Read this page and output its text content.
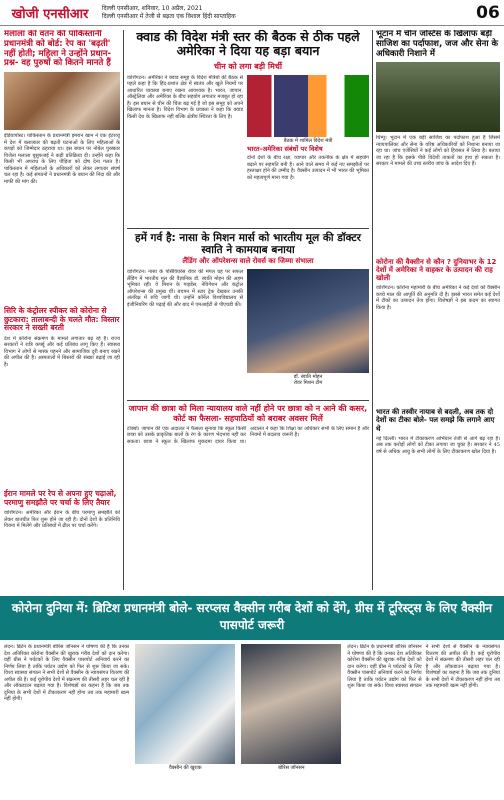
खोजी एनसीआर	दिल्ली एनसीआर, शनिवार, 10 अप्रैल, 2021
दिल्ली एनसीआर में तेजी से बढ़ता एक विशाल हिंदी साप्ताहिक	06
मलाला की वतन की पाकिस्तानी प्रधानमंत्री को बोर्ड: रेप का 'बढ़ती' नहीं होती; महिला ने उन्होंने प्रधान-प्रश्न- वह पुरुषों को कितने मानते हैं
इंडियापोस्ट। पाकिस्तान के प्रधानमंत्री इमरान खान ने एक इंटरव्यू में देश में बलात्कार की बढ़ती घटनाओं के लिए महिलाओं के कपड़ों को जिम्मेदार ठहराया था। इस बयान पर नोबेल पुरस्कार विजेता मलाला यूसुफजई ने कड़ी प्रतिक्रिया दी। उन्होंने कहा कि किसी भी अपराध के लिए पीड़िता को दोष देना गलत है। पाकिस्तान में महिलाओं के अधिकारों को लेकर लगातार संघर्ष चल रहा है। कई संगठनों ने प्रधानमंत्री के बयान की निंदा की और माफी की मांग की।
सिरि के कंट्रोलर स्पीकर को कोरोना से छुटकारा: तालाबन्दी के चलते मौत: विस्तार सरकार ने सख्ती बरती
देश में कोरोना संक्रमण के मामले लगातार बढ़ रहे हैं। राज्य सरकारों ने रात्रि कर्फ्यू और कई प्रतिबंध लागू किए हैं। स्वास्थ्य विभाग ने लोगों से मास्क पहनने और सामाजिक दूरी बनाए रखने की अपील की है। अस्पतालों में बिस्तरों की संख्या बढ़ाई जा रही है।
ईरान मामले पर रेप से अपना हुए चढ़ाओ, परमाणु समझौते पर चर्चा के लिए तैयार
वाशिंगटन। अमेरिका और ईरान के बीच परमाणु समझौते को लेकर बातचीत फिर शुरू होने जा रही है। दोनों देशों के प्रतिनिधि वियना में मिलेंगे और प्रतिबंधों में ढील पर चर्चा करेंगे।
क्वाड की विदेश मंत्री स्तर की बैठक से ठीक पहले अमेरिका ने दिया यह बड़ा बयान
चीन को लगा बड़ी मिर्ची
वाशिंगटन। अमेरिका ने क्वाड समूह के विदेश मंत्रियों की बैठक से पहले कहा है कि हिंद-प्रशांत क्षेत्र में स्वतंत्र और खुले नियमों पर आधारित व्यवस्था बनाए रखना आवश्यक है। भारत, जापान, ऑस्ट्रेलिया और अमेरिका के बीच सहयोग लगातार मजबूत हो रहा है। इस बयान से चीन की चिंता बढ़ गई है जो इस समूह को अपने खिलाफ मानता है। विदेश विभाग के प्रवक्ता ने कहा कि क्वाड किसी देश के खिलाफ नहीं बल्कि क्षेत्रीय स्थिरता के लिए है।
बैठक में शामिल विदेश मंत्री
भारत-अमेरिका संबंधों पर विशेष
दोनों देशों के बीच रक्षा, व्यापार और तकनीक के क्षेत्र में सहयोग बढ़ाने पर सहमति बनी है। आने वाले समय में कई नए समझौतों पर हस्ताक्षर होने की उम्मीद है। वैक्सीन उत्पादन में भी भारत की भूमिका को महत्वपूर्ण माना गया है।
हमें गर्व है: नासा के मिशन मार्स को भारतीय मूल की डॉक्टर स्वाति ने कामयाब बनाया
लैंडिंग और ऑपरेशन्स वाले रोवर्स का जिम्मा संभाला
वाशिंगटन। नासा के पर्सिवियरेंस रोवर की मंगल ग्रह पर सफल लैंडिंग में भारतीय मूल की वैज्ञानिक डॉ. स्वाति मोहन की अहम भूमिका रही। वे मिशन के गाइडेंस, नेविगेशन और कंट्रोल ऑपरेशन्स की प्रमुख थीं। बचपन में स्टार ट्रेक देखकर उनकी अंतरिक्ष में रुचि जागी थी। उन्होंने कॉर्नेल विश्वविद्यालय से इंजीनियरिंग की पढ़ाई की और बाद में एमआईटी से पीएचडी की।
डॉ. स्वाति मोहन
रोवर मिशन टीम
जापान की छात्रा को मिला न्यायालय वाले नहीं होने पर छात्रा को न आने की कसर, कोर्ट का फैसला- सहपाठियों को बराबर अवसर मिलें
टोक्यो। जापान की एक अदालत ने फैसला सुनाया कि स्कूल किसी छात्रा को उसके प्राकृतिक बालों के रंग के कारण भेदभाव नहीं कर सकता। छात्रा ने स्कूल के खिलाफ मुकदमा दायर किया था। अदालत ने कहा कि शिक्षा का अधिकार सभी के लिए समान है और नियमों में बदलाव जरूरी है।
भूटान में चीन जस्टिस के खिलाफ बड़ी साजिश का पर्दाफाश, जज और सेना के अधिकारी निशाने में
थिम्पू। भूटान में एक बड़ी साजिश का पर्दाफाश हुआ है जिसमें न्यायपालिका और सेना के वरिष्ठ अधिकारियों को निशाना बनाया जा रहा था। जांच एजेंसियों ने कई लोगों को हिरासत में लिया है। बताया जा रहा है कि इसके पीछे विदेशी ताकतों का हाथ हो सकता है। सरकार ने मामले की उच्च स्तरीय जांच के आदेश दिए हैं।
कोरोना की वैक्सीन से कौन ? दुनियाभर के 12 देशों में अमेरिका ने वाहकर के उत्पादन की राह खोली
वाशिंगटन। कोरोना महामारी के बीच अमेरिका ने कई देशों को वैक्सीन कच्चे माल की आपूर्ति की अनुमति दी है। इससे भारत समेत कई देशों में टीकों का उत्पादन तेज होगा। विशेषज्ञों ने इस कदम का स्वागत किया है।
भारत की तस्वीर नायाब से बदली, अब तक दो देशों का टीका बोले- पल समझे कि लगाने आए थे
नई दिल्ली। भारत में टीकाकरण अभियान तेजी से आगे बढ़ रहा है। अब तक करोड़ों लोगों को टीका लगाया जा चुका है। सरकार ने 45 वर्ष से अधिक आयु के सभी लोगों के लिए टीकाकरण खोल दिया है।
कोरोना दुनिया में: ब्रिटिश प्रधानमंत्री बोले- सरप्लस वैक्सीन गरीब देशों को देंगे, ग्रीस में टूरिस्ट्स के लिए वैक्सीन पासपोर्ट जरूरी
लंदन। ब्रिटेन के प्रधानमंत्री बोरिस जॉनसन ने घोषणा की है कि उनका देश अतिरिक्त कोरोना वैक्सीन की खुराक गरीब देशों को दान करेगा। वहीं ग्रीस ने पर्यटकों के लिए वैक्सीन पासपोर्ट अनिवार्य करने का निर्णय लिया है ताकि पर्यटन उद्योग को फिर से शुरू किया जा सके। विश्व स्वास्थ्य संगठन ने सभी देशों से वैक्सीन के न्यायसंगत वितरण की अपील की है। कई यूरोपीय देशों में संक्रमण की तीसरी लहर चल रही है और लॉकडाउन बढ़ाया गया है। विशेषज्ञों का कहना है कि जब तक दुनिया के सभी देशों में टीकाकरण नहीं होगा तब तक महामारी खत्म नहीं होगी।
वैक्सीन की खुराक	बोरिस जॉनसन
लंदन। ब्रिटेन के प्रधानमंत्री बोरिस जॉनसन ने घोषणा की है कि उनका देश अतिरिक्त कोरोना वैक्सीन की खुराक गरीब देशों को दान करेगा। वहीं ग्रीस ने पर्यटकों के लिए वैक्सीन पासपोर्ट अनिवार्य करने का निर्णय लिया है ताकि पर्यटन उद्योग को फिर से शुरू किया जा सके। विश्व स्वास्थ्य संगठन ने सभी देशों से वैक्सीन के न्यायसंगत वितरण की अपील की है। कई यूरोपीय देशों में संक्रमण की तीसरी लहर चल रही है और लॉकडाउन बढ़ाया गया है। विशेषज्ञों का कहना है कि जब तक दुनिया के सभी देशों में टीकाकरण नहीं होगा तब तक महामारी खत्म नहीं होगी।
